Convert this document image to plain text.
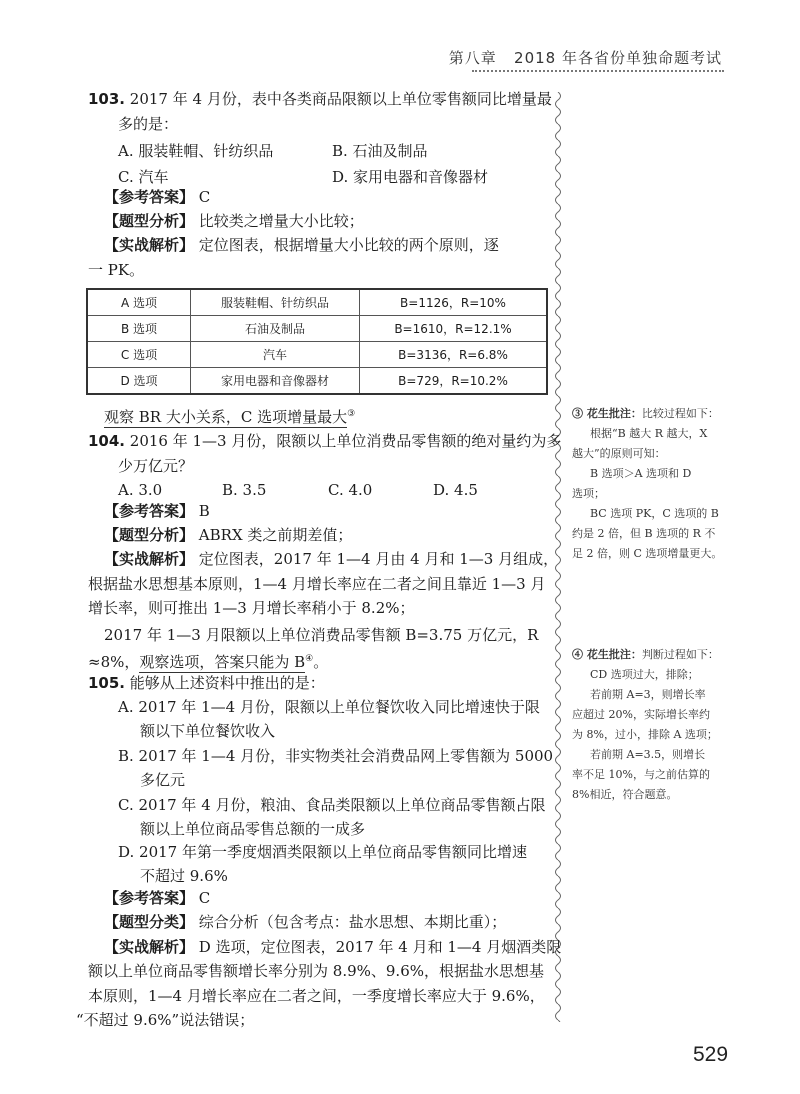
第八章 2018 年各省份单独命题考试
103. 2017 年 4 月份，表中各类商品限额以上单位零售额同比增量最
多的是：
A. 服装鞋帽、针纺织品	B. 石油及制品
C. 汽车	D. 家用电器和音像器材
【参考答案】 C
【题型分析】 比较类之增量大小比较；
【实战解析】 定位图表，根据增量大小比较的两个原则，逐
一 PK。
A 选项	服装鞋帽、针纺织品	B=1126，R=10%
B 选项	石油及制品	B=1610，R=12.1%
C 选项	汽车	B=3136，R=6.8%
D 选项	家用电器和音像器材	B=729，R=10.2%
观察 BR 大小关系，C 选项增量最大③
104. 2016 年 1—3 月份，限额以上单位消费品零售额的绝对量约为多
少万亿元？
A. 3.0	B. 3.5	C. 4.0	D. 4.5
【参考答案】 B
【题型分析】 ABRX 类之前期差值；
【实战解析】 定位图表，2017 年 1—4 月由 4 月和 1—3 月组成，
根据盐水思想基本原则，1—4 月增长率应在二者之间且靠近 1—3 月
增长率，则可推出 1—3 月增长率稍小于 8.2%；
2017 年 1—3 月限额以上单位消费品零售额 B=3.75 万亿元，R
≈8%，观察选项，答案只能为 B④。
105. 能够从上述资料中推出的是：
A. 2017 年 1—4 月份，限额以上单位餐饮收入同比增速快于限
额以下单位餐饮收入
B. 2017 年 1—4 月份，非实物类社会消费品网上零售额为 5000
多亿元
C. 2017 年 4 月份，粮油、食品类限额以上单位商品零售额占限
额以上单位商品零售总额的一成多
D. 2017 年第一季度烟酒类限额以上单位商品零售额同比增速
不超过 9.6%
【参考答案】 C
【题型分类】 综合分析（包含考点：盐水思想、本期比重）；
【实战解析】 D 选项，定位图表，2017 年 4 月和 1—4 月烟酒类限
额以上单位商品零售额增长率分别为 8.9%、9.6%，根据盐水思想基
本原则，1—4 月增长率应在二者之间，一季度增长率应大于 9.6%，
“不超过 9.6%”说法错误；
③ 花生批注：比较过程如下：
根据“B 越大 R 越大，X
越大”的原则可知：
B 选项＞A 选项和 D
选项；
BC 选项 PK，C 选项的 B
约是 2 倍，但 B 选项的 R 不
足 2 倍，则 C 选项增量更大。
④ 花生批注：判断过程如下：
CD 选项过大，排除；
若前期 A=3，则增长率
应超过 20%，实际增长率约
为 8%，过小，排除 A 选项；
若前期 A=3.5，则增长
率不足 10%，与之前估算的
8%相近，符合题意。
529
